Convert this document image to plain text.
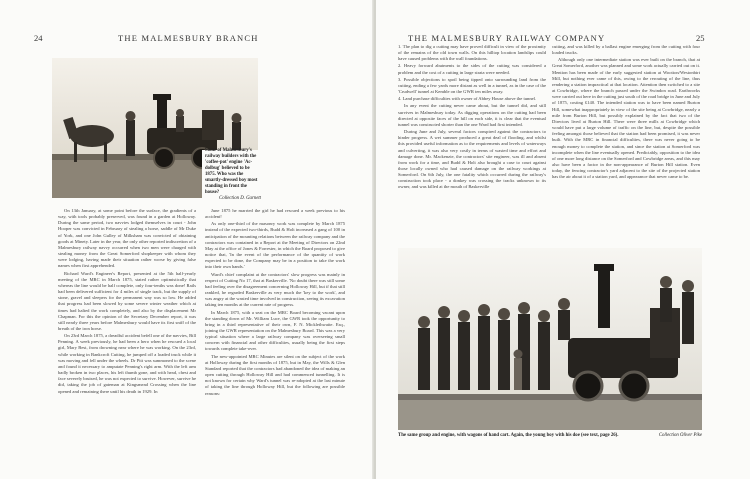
24	THE MALMESBURY BRANCH
Some of Malmesbury's railway builders with the 'coffee-pot' engine 'Ac-dolbug' believed to be 1875. Who was the smartly-dressed boy most standing in front the house?
Collection D. Garnett

On 13th January, at some point before the surface, the gradients of a way, with tools probably preserved, was found in a garden at Holloway. During the same period, two navvies lodged themselves in court - John Hooper was convicted in February of stealing a horse, saddle of Mr Duke of York, and one John Gulley of Milksham was convicted of obtaining goods at Minety. Later in the year, the only other reported indiscretion of a Malmesbury railway navvy occurred when two men were charged with stealing money from the Great Somerford shopkeeper with whom they were lodging, having made their situation rather worse by giving false names when first apprehended.

Richard Ward's Engineer's Report, presented at the 5th half-yearly meeting of the MRC in March 1875, stated rather optimistically that whereas the line would be half complete, only four-tenths was done! Rails had been delivered sufficient for 4 miles of single track, but the supply of stone, gravel and sleepers for the permanent way was so low. He added that progress had been slowed by some severe winter weather which at times had halted the work completely, and also by the displacement Mr Chapman. For this the opinion of the Secretary December report, it was still nearly three years before Malmesbury would have its first sniff of the breath of the iron horse.

On 23rd March 1875, a dreadful accident befell one of the navvies, Bill Penning. A week previously, he had been a hero when he rescued a local girl, Mary Best, from drowning near where he was working. On the 23rd, while working in Bankcroft Cutting, he jumped off a loaded truck while it was moving and fell under the wheels. Dr Pitt was summoned to the scene and found it necessary to amputate Penning's right arm. With the left arm badly broken in two places, his left thumb gone, and with head, chest and face severely bruised, he was not expected to survive. However, survive he did, taking the job of gateman at Kingsmead Crossing when the line opened and remaining there until his death in 1929. In

June 1875 he married the girl he had rescued a week previous to his accident!

As only one-third of the masonry work was complete by March 1875 instead of the expected two-thirds, Budd & Holt increased a gang of 100 in anticipation of the mounting relations between the railway company and the contractors was contained in a Report at the Meeting of Directors on 22nd May at the office of Jones & Forrester, in which the Board proposed to give notice that, 'In the event of the performance of the quantity of work expected to be done, the Company may be in a position to take the work into their own hands.'

Ward's chief complaint at the contractors' slow progress was mainly in respect of Cutting No 17, that at Baskerville. 'No doubt there was still some bad feeling over the disagreement concerning Holloway Hill, but if that still rankled, he regarded Baskerville as very much the 'key to the work', and was angry at the wasted time involved in construction, seeing its excavation taking ten months at the current rate of progress.

In March 1875, with a seat on the MRC Board becoming vacant upon the standing down of Mr. William Luce, the GWR took the opportunity to bring in a third representative of their own, F. N. Micklethwaite. Esq., joining the GWR representation on the Malmesbury Board. This was a very typical situation where a large railway company was overseeing small concern with financial and other difficulties, usually being the first steps towards complete take-over.

The new-appointed MRC Minutes are silent on the subject of the work at Holloway during the first months of 1875, but in May, the Wills & Glen Standard reported that the contractors had abandoned the idea of making an open cutting through Holloway Hill and had commenced tunnelling. It is not known for certain why Ward's tunnel was re-adopted at the last minute of taking the line through Holloway Hill, but the following are possible reasons:

THE MALMESBURY RAILWAY COMPANY	25

1. The plan to dig a cutting may have proved difficult in view of the proximity of the remains of the old town walls. On this hilltop location landslips could have caused problems with the wall foundations.

2. Heavy forward abutments to the sides of the cutting was considered a problem and the cost of a cutting in large strata were needed.

3. Possible objections to spoil being tipped onto surrounding land from the cutting, ending a few yards more distant as well in a tunnel, as in the case of the 'Crudwell' tunnel at Kemble on the GWR ten miles away.

4. Land purchase difficulties with owner of Abbey House above the tunnel.

In any event the cutting never came about, but the tunnel did, and still survives in Malmesbury today. As digging operations on the cutting had been directed at opposite faces of the hill on each side, it is clear that the eventual tunnel was constructed shorter than the one Ward had first intended.

During June and July, several factors conspired against the contractors to hinder progress. A wet summer produced a great deal of flooding, and whilst this provided useful information as to the requirements and levels of waterways and culverting, it was also very costly in terms of wasted time and effort and damage done. Mr. Mackenzie, the contractors' site engineer, was ill and absent from work for a time, and Budd & Holt also brought a case to court against those locally owned who had caused damage on the railway workings at Somerford. On 6th July, the one fatality which occurred during the railway's construction took place - a donkey was crossing the tracks unknown to its owner, and was killed at the mouth of Baskerville

cutting, and was killed by a ballast engine emerging from the cutting with four loaded trucks.

Although only one intermediate station was ever built on the branch, that at Great Somerford, another was planned and some work actually carried out on it. Mention has been made of the early suggested station at Wootton/Westonbirt Mill, but nothing ever came of this, owing to the rerouting of the line, thus rendering a station impractical at that location. Attention then switched to a site at Cowbridge, where the branch passed under the Swindon road. Earthworks were carried out here in the cutting just south of the road bridge in June and July of 1875, costing £140. The intended station was to have been named Burton Hill, somewhat inappropriately in view of the site being at Cowbridge, nearly a mile from Burton Hill, but possibly explained by the fact that two of the Directors lived at Burton Hill. There were three mills at Cowbridge which would have put a large volume of traffic on the line, but, despite the possible feeling amongst those believed that the station had been promised, it was never built. With the MRC in financial difficulties, there was never going to be enough money to complete the station, and since the station at Somerford was incomplete when the line eventually opened. Predictably, opposition to the idea of one more long distance on the Somerford and Cowbridge areas, and this may also have been a factor in the non-appearance of Burton Hill station. Even today, the fencing contractor's yard adjacent to the site of the projected station has the air about it of a station yard, and appearance that never came to be.

The same group and engine, with wagons of hand cart. Again, the young boy with his doe (see text, page 26).	Collection Oliver Pike
